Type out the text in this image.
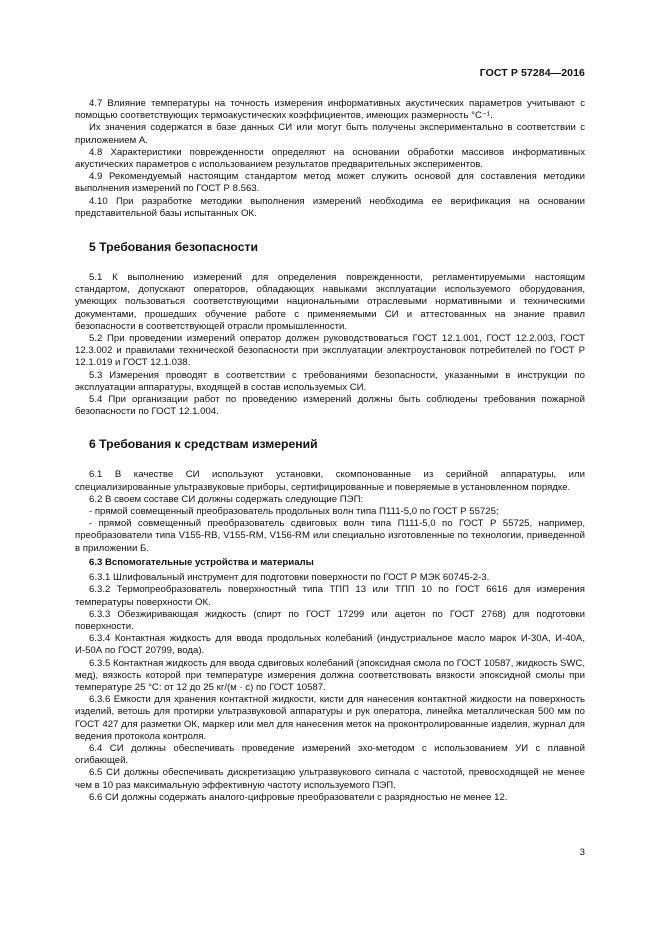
ГОСТ Р 57284—2016

4.7 Влияние температуры на точность измерения информативных акустических параметров учитывают с помощью соответствующих термоакустических коэффициентов, имеющих размерность °С⁻¹.

Их значения содержатся в базе данных СИ или могут быть получены экспериментально в соответствии с приложением А.

4.8 Характеристики поврежденности определяют на основании обработки массивов информативных акустических параметров с использованием результатов предварительных экспериментов.

4.9 Рекомендуемый настоящим стандартом метод может служить основой для составления методики выполнения измерений по ГОСТ Р 8.563.

4.10 При разработке методики выполнения измерений необходима ее верификация на основании представительной базы испытанных ОК.

5 Требования безопасности

5.1 К выполнению измерений для определения поврежденности, регламентируемыми настоящим стандартом, допускают операторов, обладающих навыками эксплуатации используемого оборудования, умеющих пользоваться соответствующими национальными отраслевыми нормативными и техническими документами, прошедших обучение работе с применяемыми СИ и аттестованных на знание правил безопасности в соответствующей отрасли промышленности.

5.2 При проведении измерений оператор должен руководствоваться ГОСТ 12.1.001, ГОСТ 12.2.003, ГОСТ 12.3.002 и правилами технической безопасности при эксплуатации электроустановок потребителей по ГОСТ Р 12.1.019 и ГОСТ 12.1.038.

5.3 Измерения проводят в соответствии с требованиями безопасности, указанными в инструкции по эксплуатации аппаратуры, входящей в состав используемых СИ.

5.4 При организации работ по проведению измерений должны быть соблюдены требования пожарной безопасности по ГОСТ 12.1.004.

6 Требования к средствам измерений

6.1 В качестве СИ используют установки, скомпонованные из серийной аппаратуры, или специализированные ультразвуковые приборы, сертифицированные и поверяемые в установленном порядке.

6.2 В своем составе СИ должны содержать следующие ПЭП:

- прямой совмещенный преобразователь продольных волн типа П111-5,0 по ГОСТ Р 55725;

- прямой совмещенный преобразователь сдвиговых волн типа П111-5,0 по ГОСТ Р 55725, например, преобразователи типа V155-RB, V155-RM, V156-RM или специально изготовленные по технологии, приведенной в приложении Б.

6.3 Вспомогательные устройства и материалы

6.3.1 Шлифовальный инструмент для подготовки поверхности по ГОСТ Р МЭК 60745-2-3.

6.3.2 Термопреобразователь поверхностный типа ТПП 13 или ТПП 10 по ГОСТ 6616 для измерения температуры поверхности ОК.

6.3.3 Обезжиривающая жидкость (спирт по ГОСТ 17299 или ацетон по ГОСТ 2768) для подготовки поверхности.

6.3.4 Контактная жидкость для ввода продольных колебаний (индустриальное масло марок И-30А, И-40А, И-50А по ГОСТ 20799, вода).

6.3.5 Контактная жидкость для ввода сдвиговых колебаний (эпоксидная смола по ГОСТ 10587, жидкость SWC, мед), вязкость которой при температуре измерения должна соответствовать вязкости эпоксидной смолы при температуре 25 °С: от 12 до 25 кг/(м · с) по ГОСТ 10587.

6.3.6 Емкости для хранения контактной жидкости, кисти для нанесения контактной жидкости на поверхность изделий, ветошь для протирки ультразвуковой аппаратуры и рук оператора, линейка металлическая 500 мм по ГОСТ 427 для разметки ОК, маркер или мел для нанесения меток на проконтролированные изделия, журнал для ведения протокола контроля.

6.4 СИ должны обеспечивать проведение измерений эхо-методом с использованием УИ с плавной огибающей.

6.5 СИ должны обеспечивать дискретизацию ультразвукового сигнала с частотой, превосходящей не менее чем в 10 раз максимальную эффективную частоту используемого ПЭП.

6.6 СИ должны содержать аналого-цифровые преобразователи с разрядностью не менее 12.

3
